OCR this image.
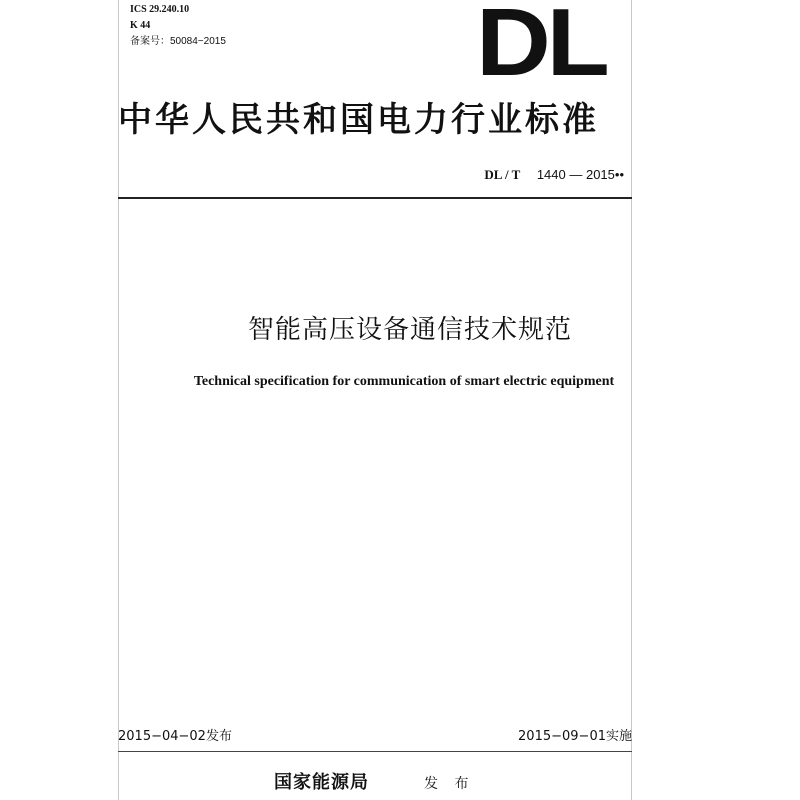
ICS 29.240.10
K 44
备案号：50084−2015	DL
中华人民共和国电力行业标准
DL / T 1440 — 2015••
智能高压设备通信技术规范
Technical specification for communication of smart electric equipment
2015−04−02发布	2015−09−01实施
国家能源局	发 布
